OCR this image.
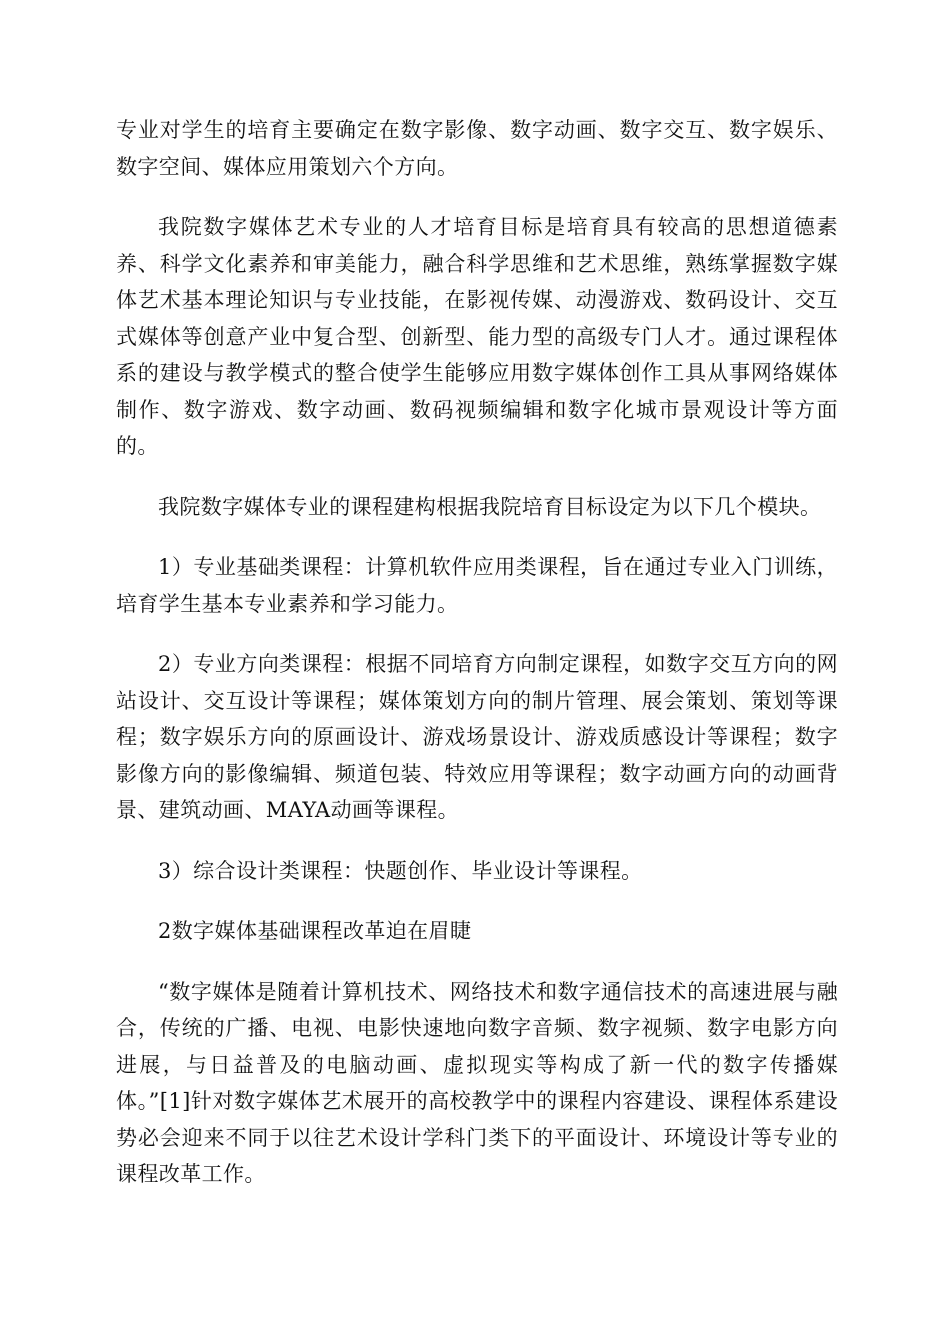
专业对学生的培育主要确定在数字影像、数字动画、数字交互、数字娱乐、数字空间、媒体应用策划六个方向。

我院数字媒体艺术专业的人才培育目标是培育具有较高的思想道德素养、科学文化素养和审美能力，融合科学思维和艺术思维，熟练掌握数字媒体艺术基本理论知识与专业技能，在影视传媒、动漫游戏、数码设计、交互式媒体等创意产业中复合型、创新型、能力型的高级专门人才。通过课程体系的建设与教学模式的整合使学生能够应用数字媒体创作工具从事网络媒体制作、数字游戏、数字动画、数码视频编辑和数字化城市景观设计等方面的。

我院数字媒体专业的课程建构根据我院培育目标设定为以下几个模块。

1）专业基础类课程：计算机软件应用类课程，旨在通过专业入门训练，培育学生基本专业素养和学习能力。

2）专业方向类课程：根据不同培育方向制定课程，如数字交互方向的网站设计、交互设计等课程；媒体策划方向的制片管理、展会策划、策划等课程；数字娱乐方向的原画设计、游戏场景设计、游戏质感设计等课程；数字影像方向的影像编辑、频道包装、特效应用等课程；数字动画方向的动画背景、建筑动画、MAYA动画等课程。

3）综合设计类课程：快题创作、毕业设计等课程。

2数字媒体基础课程改革迫在眉睫

“数字媒体是随着计算机技术、网络技术和数字通信技术的高速进展与融合，传统的广播、电视、电影快速地向数字音频、数字视频、数字电影方向进展，与日益普及的电脑动画、虚拟现实等构成了新一代的数字传播媒体。”[1]针对数字媒体艺术展开的高校教学中的课程内容建设、课程体系建设势必会迎来不同于以往艺术设计学科门类下的平面设计、环境设计等专业的课程改革工作。
